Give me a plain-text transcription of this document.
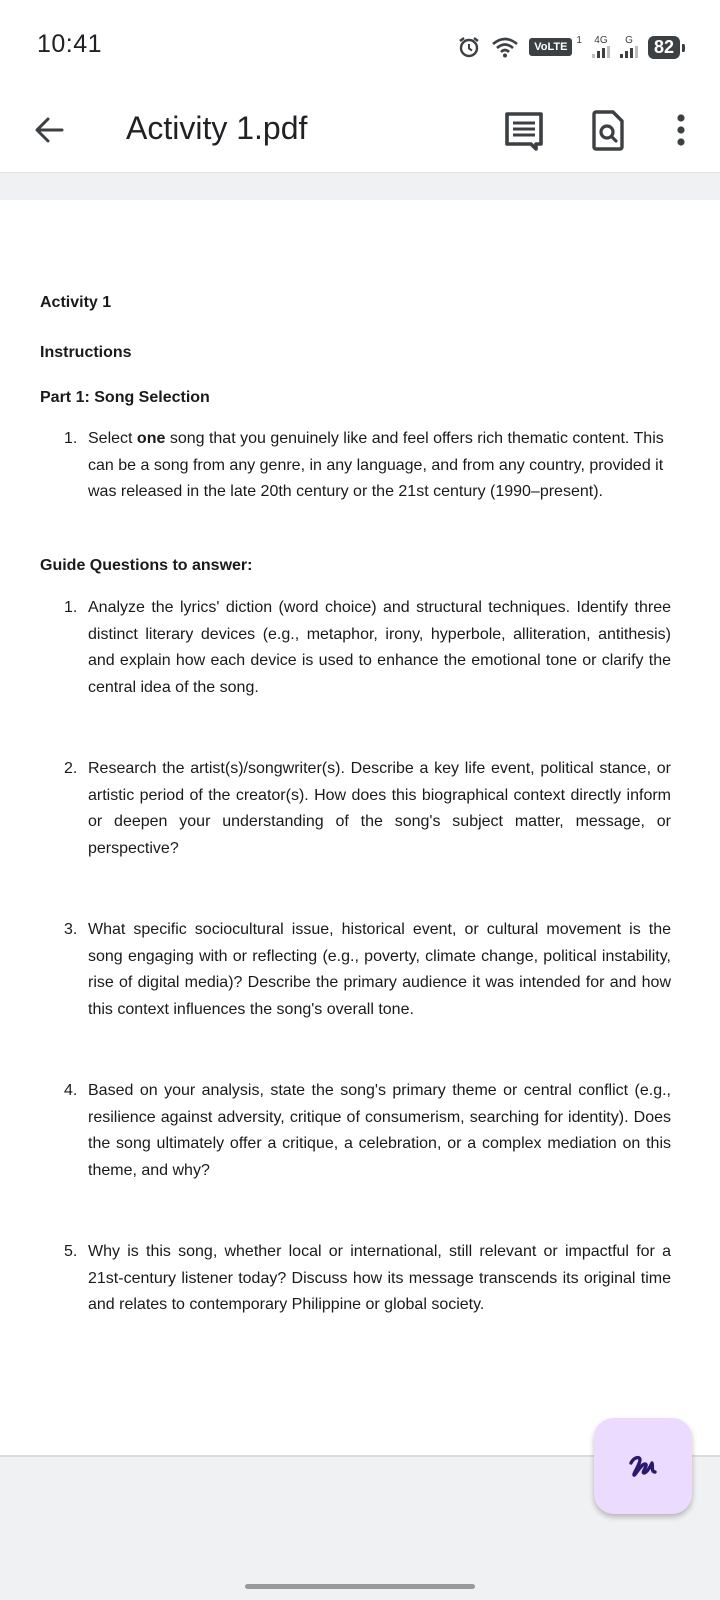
10:41	VoLTE
1 4G G	82
Activity 1.pdf
Activity 1
Instructions
Part 1: Song Selection
1. Select one song that you genuinely like and feel offers rich thematic content. This can be a song from any genre, in any language, and from any country, provided it was released in the late 20th century or the 21st century (1990–present).
Guide Questions to answer:
1. Analyze the lyrics' diction (word choice) and structural techniques. Identify three distinct literary devices (e.g., metaphor, irony, hyperbole, alliteration, antithesis) and explain how each device is used to enhance the emotional tone or clarify the central idea of the song.
2. Research the artist(s)/songwriter(s). Describe a key life event, political stance, or artistic period of the creator(s). How does this biographical context directly inform or deepen your understanding of the song's subject matter, message, or perspective?
3. What specific sociocultural issue, historical event, or cultural movement is the song engaging with or reflecting (e.g., poverty, climate change, political instability, rise of digital media)? Describe the primary audience it was intended for and how this context influences the song's overall tone.
4. Based on your analysis, state the song's primary theme or central conflict (e.g., resilience against adversity, critique of consumerism, searching for identity). Does the song ultimately offer a critique, a celebration, or a complex mediation on this theme, and why?
5. Why is this song, whether local or international, still relevant or impactful for a 21st-century listener today? Discuss how its message transcends its original time and relates to contemporary Philippine or global society.
